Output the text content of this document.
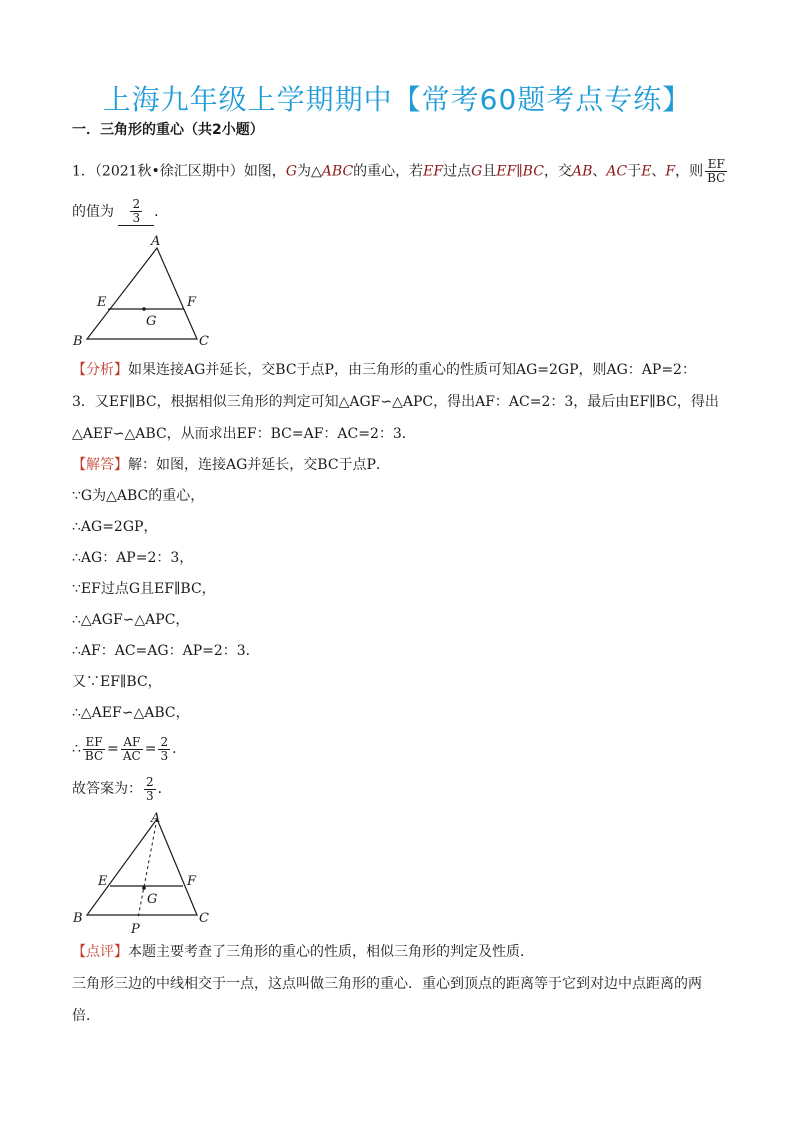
上海九年级上学期期中【常考60题考点专练】
一．三角形的重心（共2小题）
1．（2021秋•徐汇区期中）如图，G为△ABC的重心，若EF过点G且EF∥BC，交AB、AC于E、F，则 $\frac{EF}{BC}$
的值为 $\frac{2}{3}$ ．
A
B	C
E	F
G
【分析】如果连接AG并延长，交BC于点P，由三角形的重心的性质可知AG=2GP，则AG：AP=2：
3．又EF∥BC，根据相似三角形的判定可知△AGF∽△APC，得出AF：AC=2：3，最后由EF∥BC，得出
△AEF∽△ABC，从而求出EF：BC=AF：AC=2：3．
【解答】解：如图，连接AG并延长，交BC于点P．
∵G为△ABC的重心，
∴AG=2GP，
∴AG：AP=2：3，
∵EF过点G且EF∥BC，
∴△AGF∽△APC，
∴AF：AC=AG：AP=2：3．
又∵EF∥BC，
∴△AEF∽△ABC，
∴ $\frac{EF}{BC} = \frac{AF}{AC} = \frac{2}{3}$ ．
故答案为： $\frac{2}{3}$ ．
A
B	C
E	F
G
P
【点评】本题主要考查了三角形的重心的性质，相似三角形的判定及性质．
三角形三边的中线相交于一点，这点叫做三角形的重心．重心到顶点的距离等于它到对边中点距离的两
倍．
